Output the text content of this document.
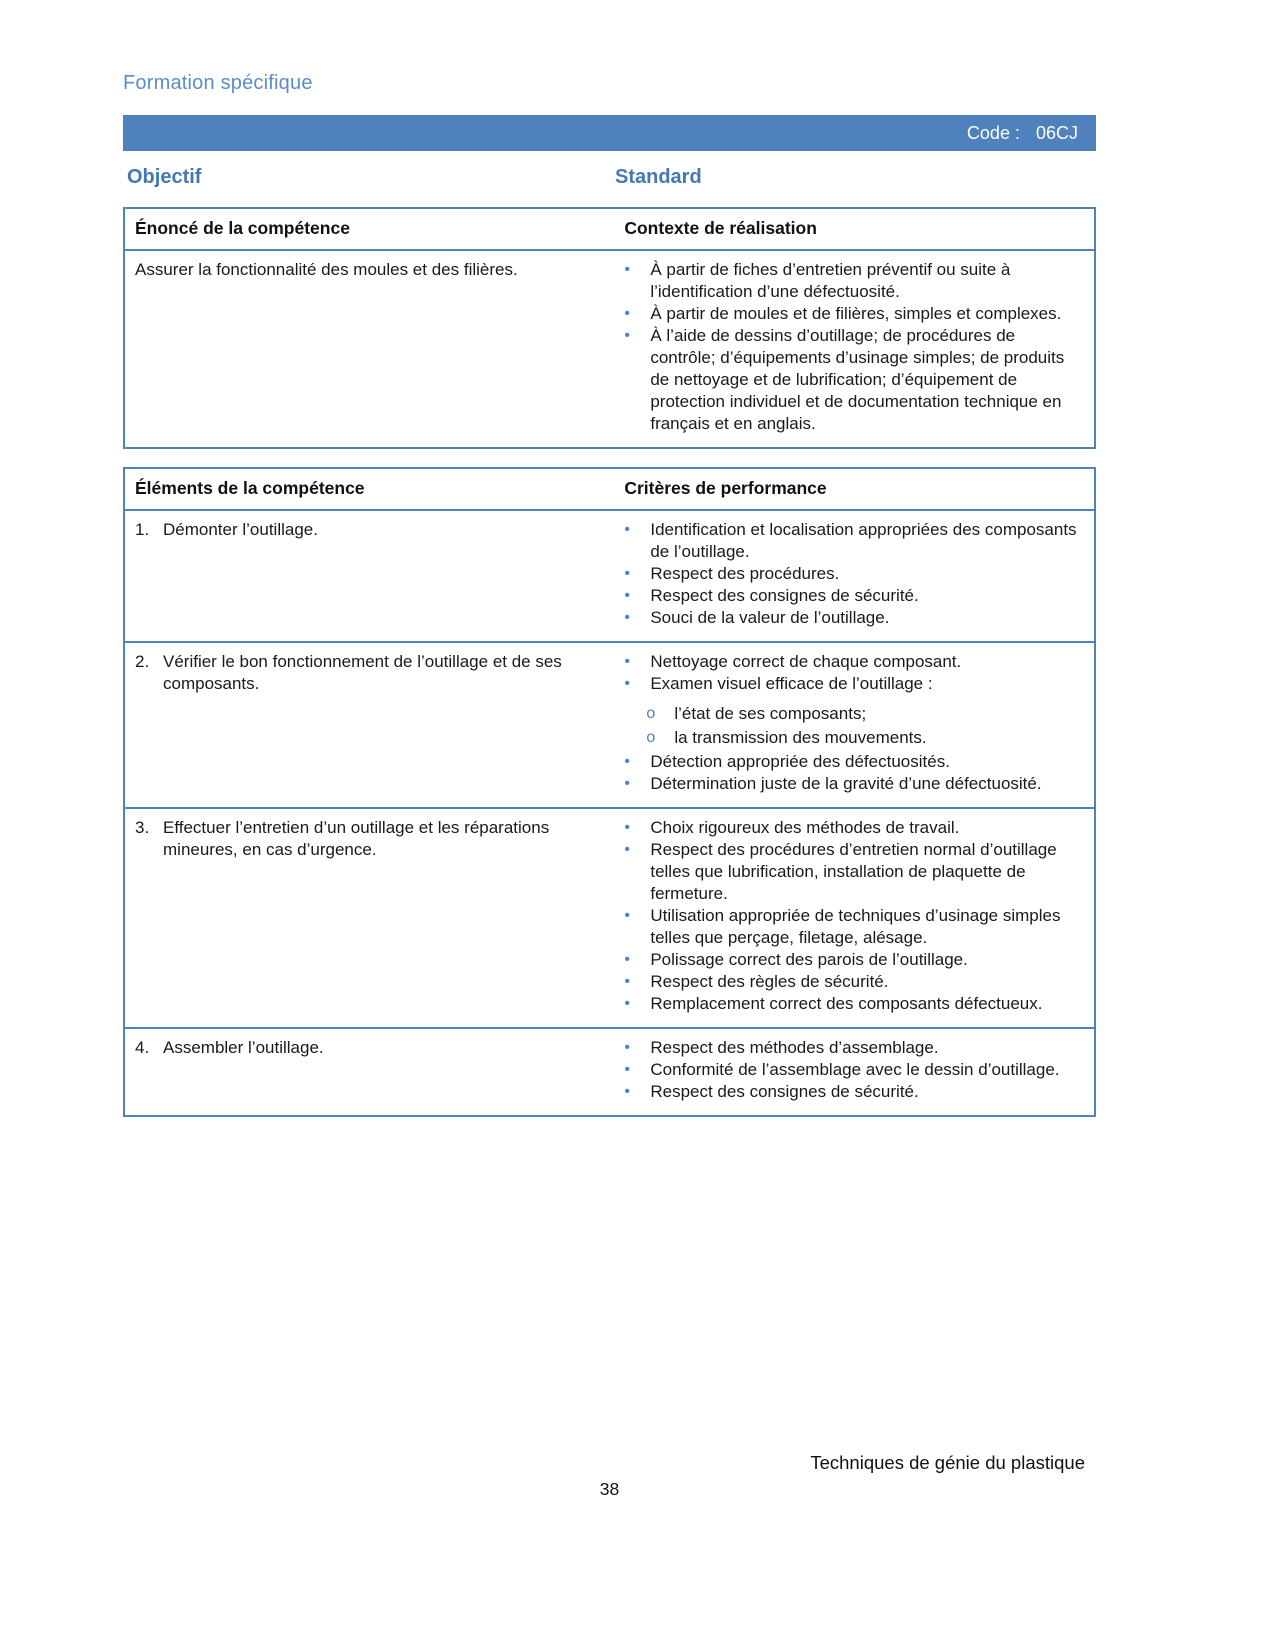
Formation spécifique
Code : 06CJ
Objectif	Standard
Énoncé de la compétence	Contexte de réalisation

Assurer la fonctionnalité des moules et des filières.	•	À partir de fiches d’entretien préventif ou suite à l’identification d’une défectuosité.
•	À partir de moules et de filières, simples et complexes.
•	À l’aide de dessins d’outillage; de procédures de contrôle; d’équipements d’usinage simples; de produits de nettoyage et de lubrification; d’équipement de protection individuel et de documentation technique en français et en anglais.
Éléments de la compétence	Critères de performance

1. Démonter l’outillage.	•	Identification et localisation appropriées des composants de l’outillage.
•	Respect des procédures.
•	Respect des consignes de sécurité.
•	Souci de la valeur de l’outillage.

2. Vérifier le bon fonctionnement de l’outillage et de ses composants.

•	Nettoyage correct de chaque composant.
•	Examen visuel efficace de l’outillage :
o	l’état de ses composants;
o	la transmission des mouvements.
•	Détection appropriée des défectuosités.
•	Détermination juste de la gravité d’une défectuosité.

3. Effectuer l’entretien d’un outillage et les réparations mineures, en cas d’urgence.

•	Choix rigoureux des méthodes de travail.
•	Respect des procédures d’entretien normal d’outillage telles que lubrification, installation de plaquette de fermeture.
•	Utilisation appropriée de techniques d’usinage simples telles que perçage, filetage, alésage.
•	Polissage correct des parois de l’outillage.
•	Respect des règles de sécurité.
•	Remplacement correct des composants défectueux.

4. Assembler l’outillage.	•	Respect des méthodes d’assemblage.
•	Conformité de l’assemblage avec le dessin d’outillage.
•	Respect des consignes de sécurité.
Techniques de génie du plastique
38
